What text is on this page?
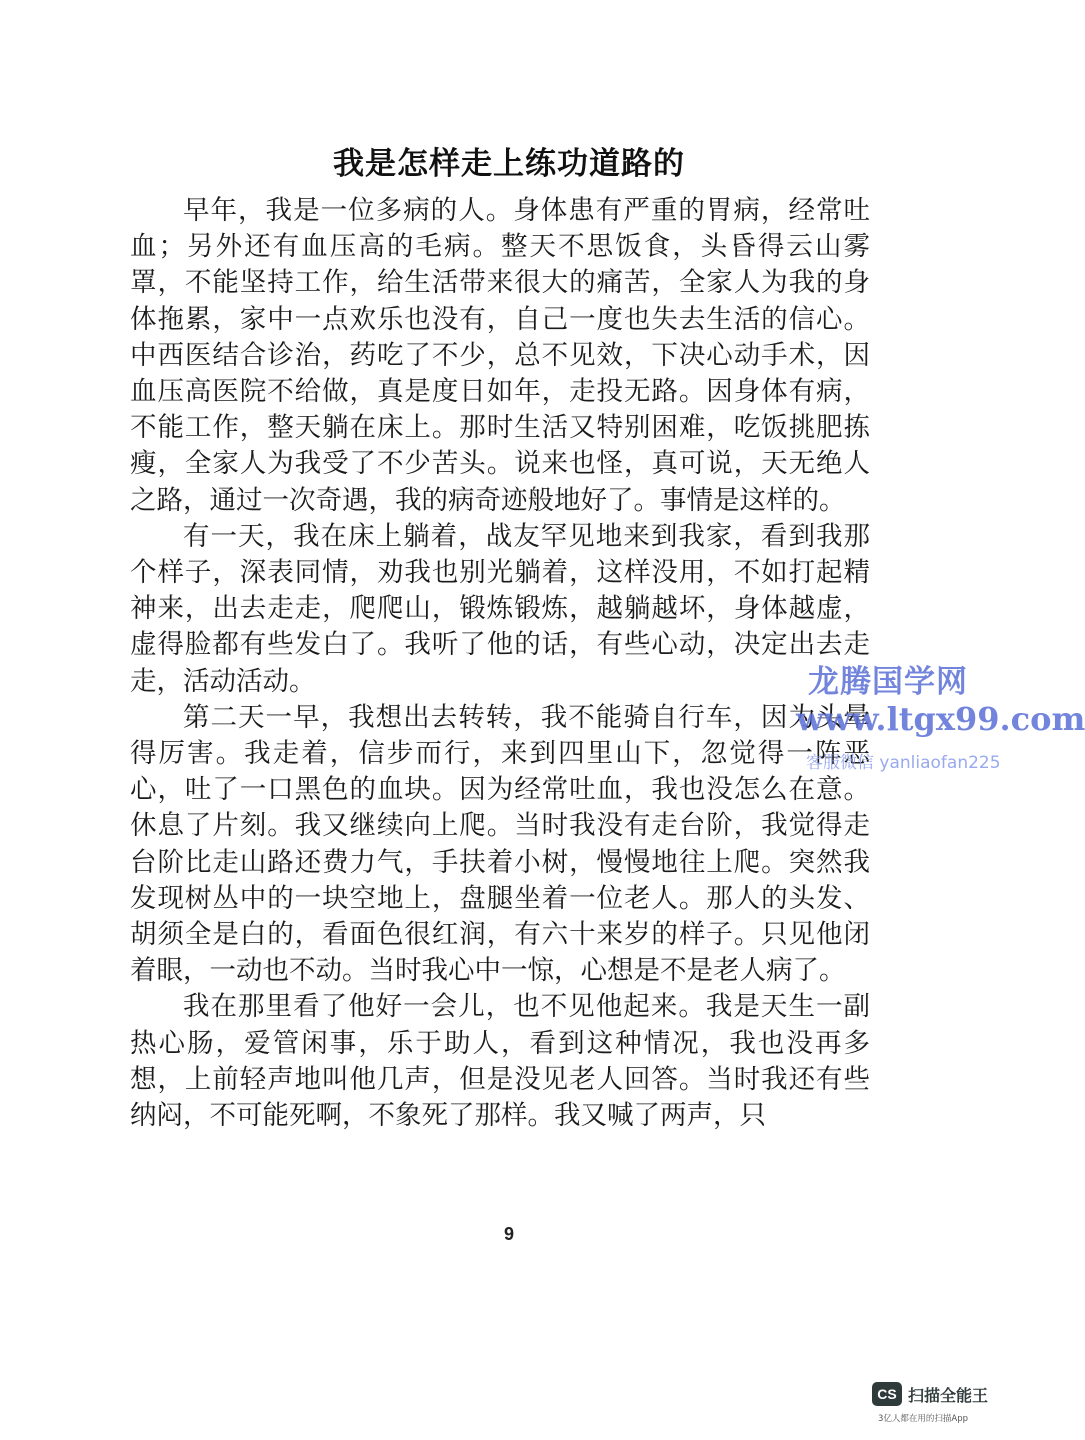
我是怎样走上练功道路的

早年，我是一位多病的人。身体患有严重的胃病，经常吐血；另外还有血压高的毛病。整天不思饭食，头昏得云山雾罩，不能坚持工作，给生活带来很大的痛苦，全家人为我的身体拖累，家中一点欢乐也没有，自己一度也失去生活的信心。中西医结合诊治，药吃了不少，总不见效，下决心动手术，因血压高医院不给做，真是度日如年，走投无路。因身体有病，不能工作，整天躺在床上。那时生活又特别困难，吃饭挑肥拣瘦，全家人为我受了不少苦头。说来也怪，真可说，天无绝人之路，通过一次奇遇，我的病奇迹般地好了。事情是这样的。

有一天，我在床上躺着，战友罕见地来到我家，看到我那个样子，深表同情，劝我也别光躺着，这样没用，不如打起精神来，出去走走，爬爬山，锻炼锻炼，越躺越坏，身体越虚，虚得脸都有些发白了。我听了他的话，有些心动，决定出去走走，活动活动。

第二天一早，我想出去转转，我不能骑自行车，因为头晕得厉害。我走着，信步而行，来到四里山下，忽觉得一阵恶心，吐了一口黑色的血块。因为经常吐血，我也没怎么在意。休息了片刻。我又继续向上爬。当时我没有走台阶，我觉得走台阶比走山路还费力气，手扶着小树，慢慢地往上爬。突然我发现树丛中的一块空地上，盘腿坐着一位老人。那人的头发、胡须全是白的，看面色很红润，有六十来岁的样子。只见他闭着眼，一动也不动。当时我心中一惊，心想是不是老人病了。

我在那里看了他好一会儿，也不见他起来。我是天生一副热心肠，爱管闲事，乐于助人，看到这种情况，我也没再多想，上前轻声地叫他几声，但是没见老人回答。当时我还有些纳闷，不可能死啊，不象死了那样。我又喊了两声，只

9
龙腾国学网
www.ltgx99.com
客服微信 yanliaofan225
CS 扫描全能王
3亿人都在用的扫描App
